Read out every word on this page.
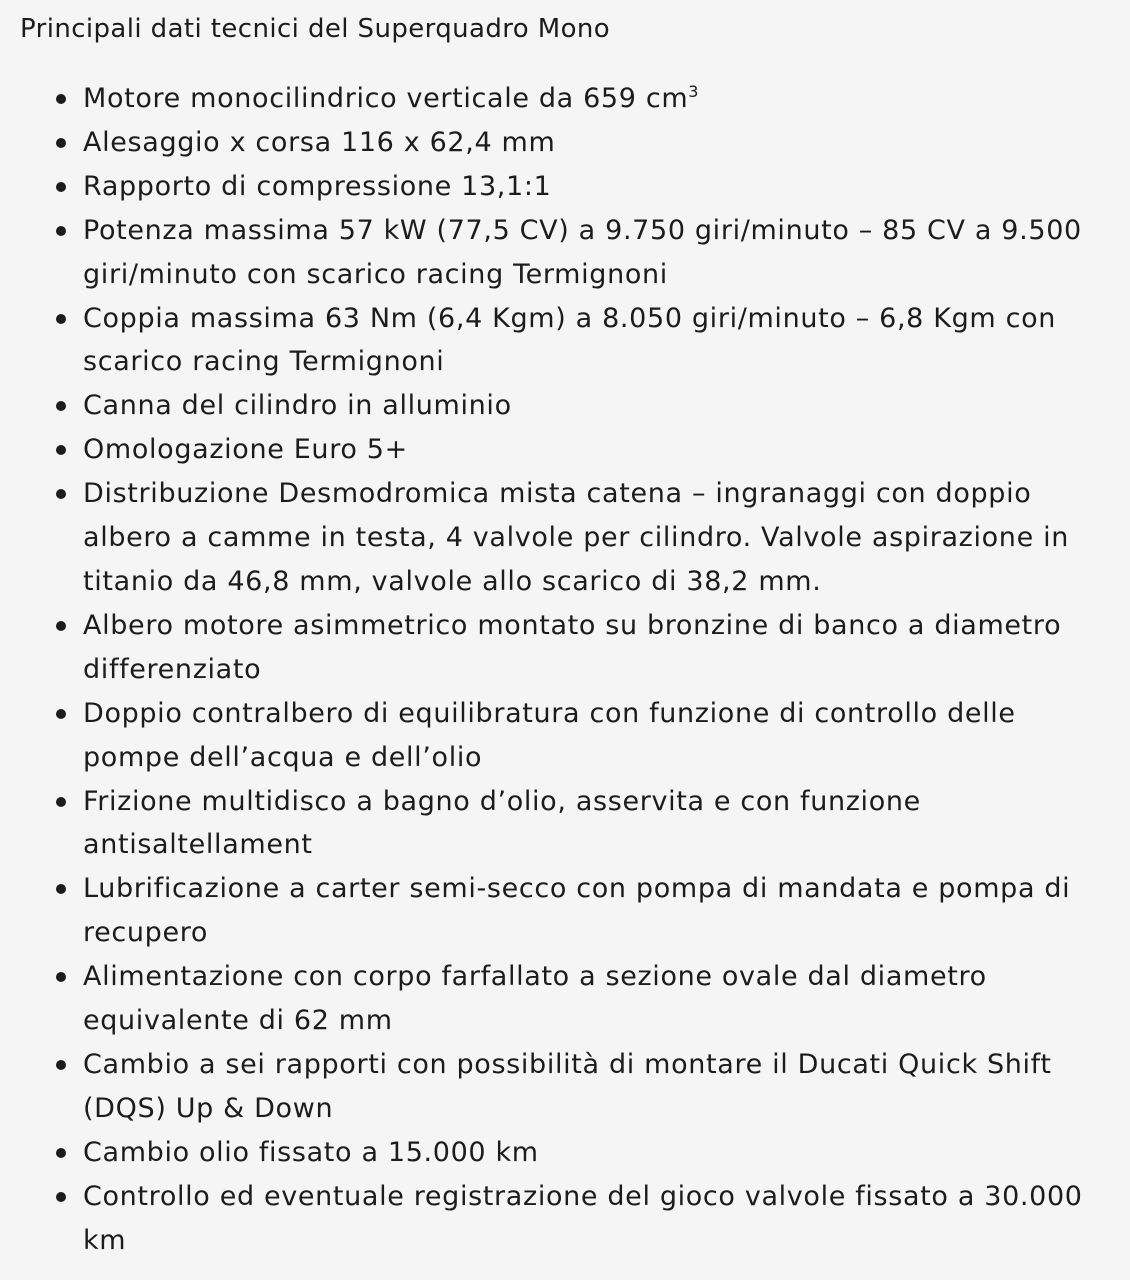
Principali dati tecnici del Superquadro Mono
Motore monocilindrico verticale da 659 $cm^3$
Alesaggio x corsa 116 x 62,4 mm
Rapporto di compressione 13,1:1
Potenza massima 57 kW (77,5 CV) a 9.750 giri/minuto – 85 CV a 9.500 giri/minuto con scarico racing Termignoni
Coppia massima 63 Nm (6,4 Kgm) a 8.050 giri/minuto – 6,8 Kgm con scarico racing Termignoni
Canna del cilindro in alluminio
Omologazione Euro 5+
Distribuzione Desmodromica mista catena – ingranaggi con doppio albero a camme in testa, 4 valvole per cilindro. Valvole aspirazione in titanio da 46,8 mm, valvole allo scarico di 38,2 mm.
Albero motore asimmetrico montato su bronzine di banco a diametro differenziato
Doppio contralbero di equilibratura con funzione di controllo delle pompe dell’acqua e dell’olio
Frizione multidisco a bagno d’olio, asservita e con funzione antisaltellament
Lubrificazione a carter semi-secco con pompa di mandata e pompa di recupero
Alimentazione con corpo farfallato a sezione ovale dal diametro equivalente di 62 mm
Cambio a sei rapporti con possibilità di montare il Ducati Quick Shift (DQS) Up & Down
Cambio olio fissato a 15.000 km
Controllo ed eventuale registrazione del gioco valvole fissato a 30.000 km
